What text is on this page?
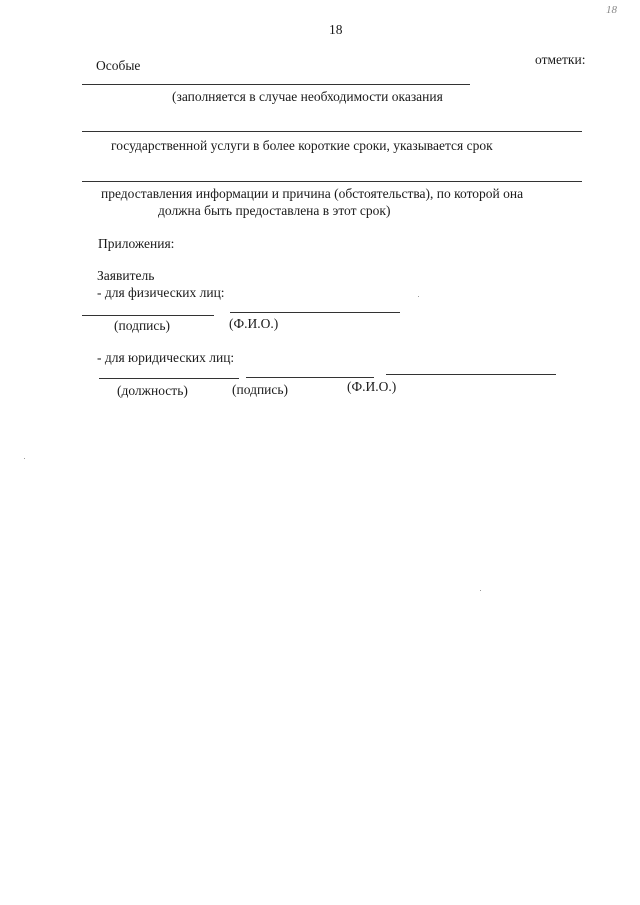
18
18
Особые	отметки:
(заполняется в случае необходимости оказания
государственной услуги в более короткие сроки, указывается срок
предоставления информации и причина (обстоятельства), по которой она
должна быть предоставлена в этот срок)
Приложения:
Заявитель
- для физических лиц:
(подпись)	(Ф.И.О.)
- для юридических лиц:
(должность)	(подпись)	(Ф.И.О.)
